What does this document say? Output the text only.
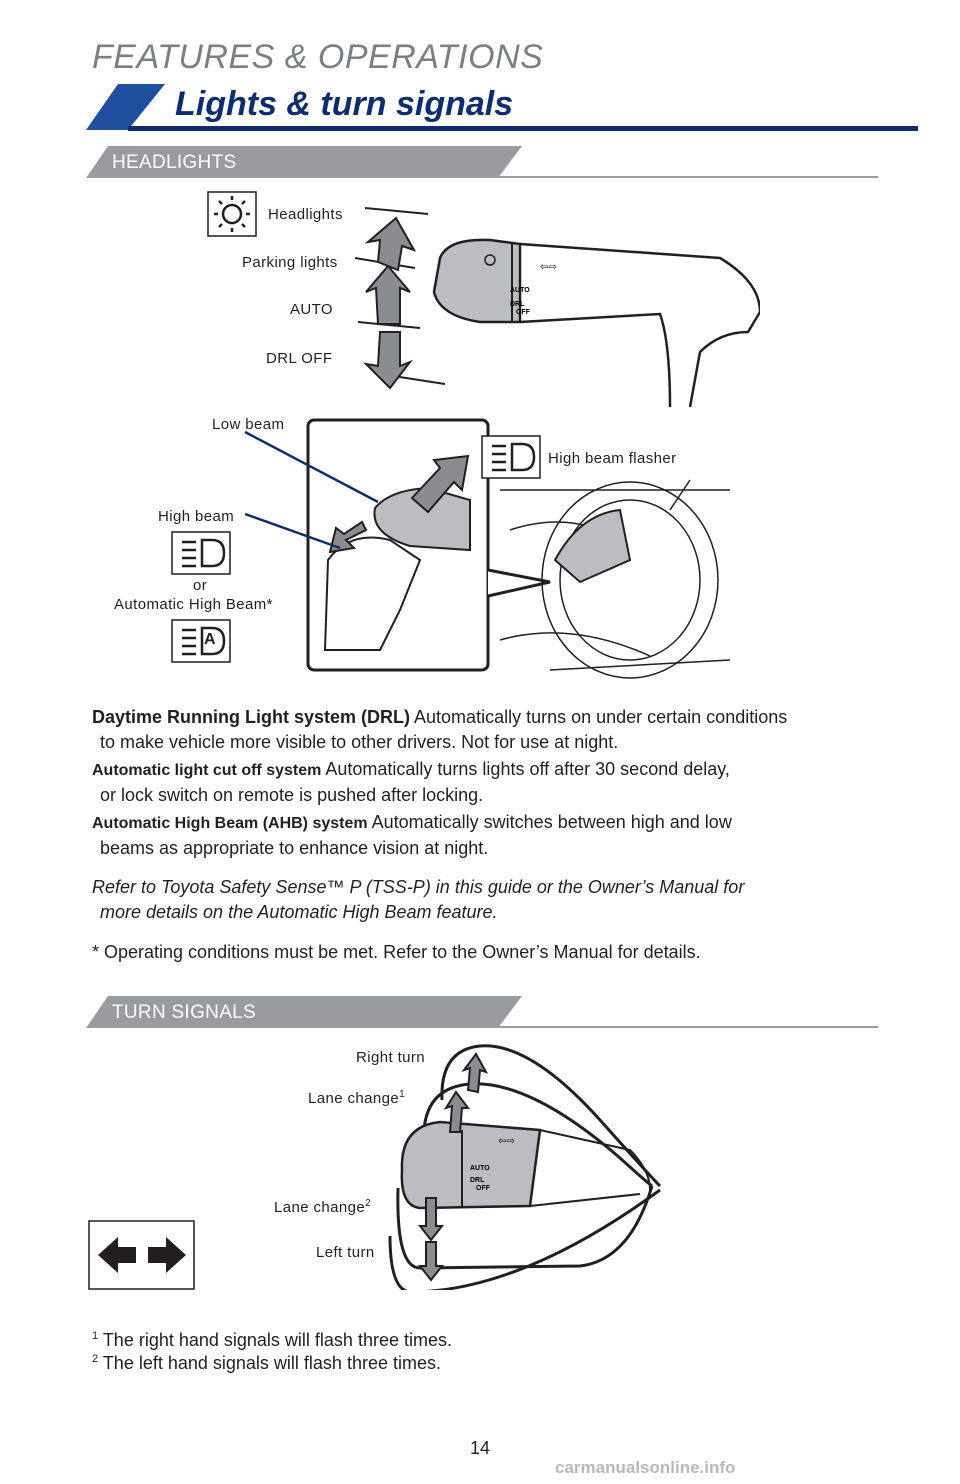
FEATURES & OPERATIONS
Lights & turn signals
HEADLIGHTS
AUTO
DRL
OFF
⇦⇨
Headlights
Parking lights
AUTO
DRL OFF
A
Low beam
High beam flasher
High beam
or
Automatic High Beam*
Daytime Running Light system (DRL) Automatically turns on under certain conditions
to make vehicle more visible to other drivers. Not for use at night.
Automatic light cut off system Automatically turns lights off after 30 second delay,
or lock switch on remote is pushed after locking.
Automatic High Beam (AHB) system Automatically switches between high and low
beams as appropriate to enhance vision at night.
Refer to Toyota Safety Sense™ P (TSS-P) in this guide or the Owner’s Manual for
more details on the Automatic High Beam feature.
* Operating conditions must be met. Refer to the Owner’s Manual for details.
TURN SIGNALS
AUTO
DRL
OFF
⇦⇨
Right turn
Lane change$^1$
Lane change$^2$
Left turn
$^1$ The right hand signals will flash three times.
$^2$ The left hand signals will flash three times.
14
carmanualsonline.info
